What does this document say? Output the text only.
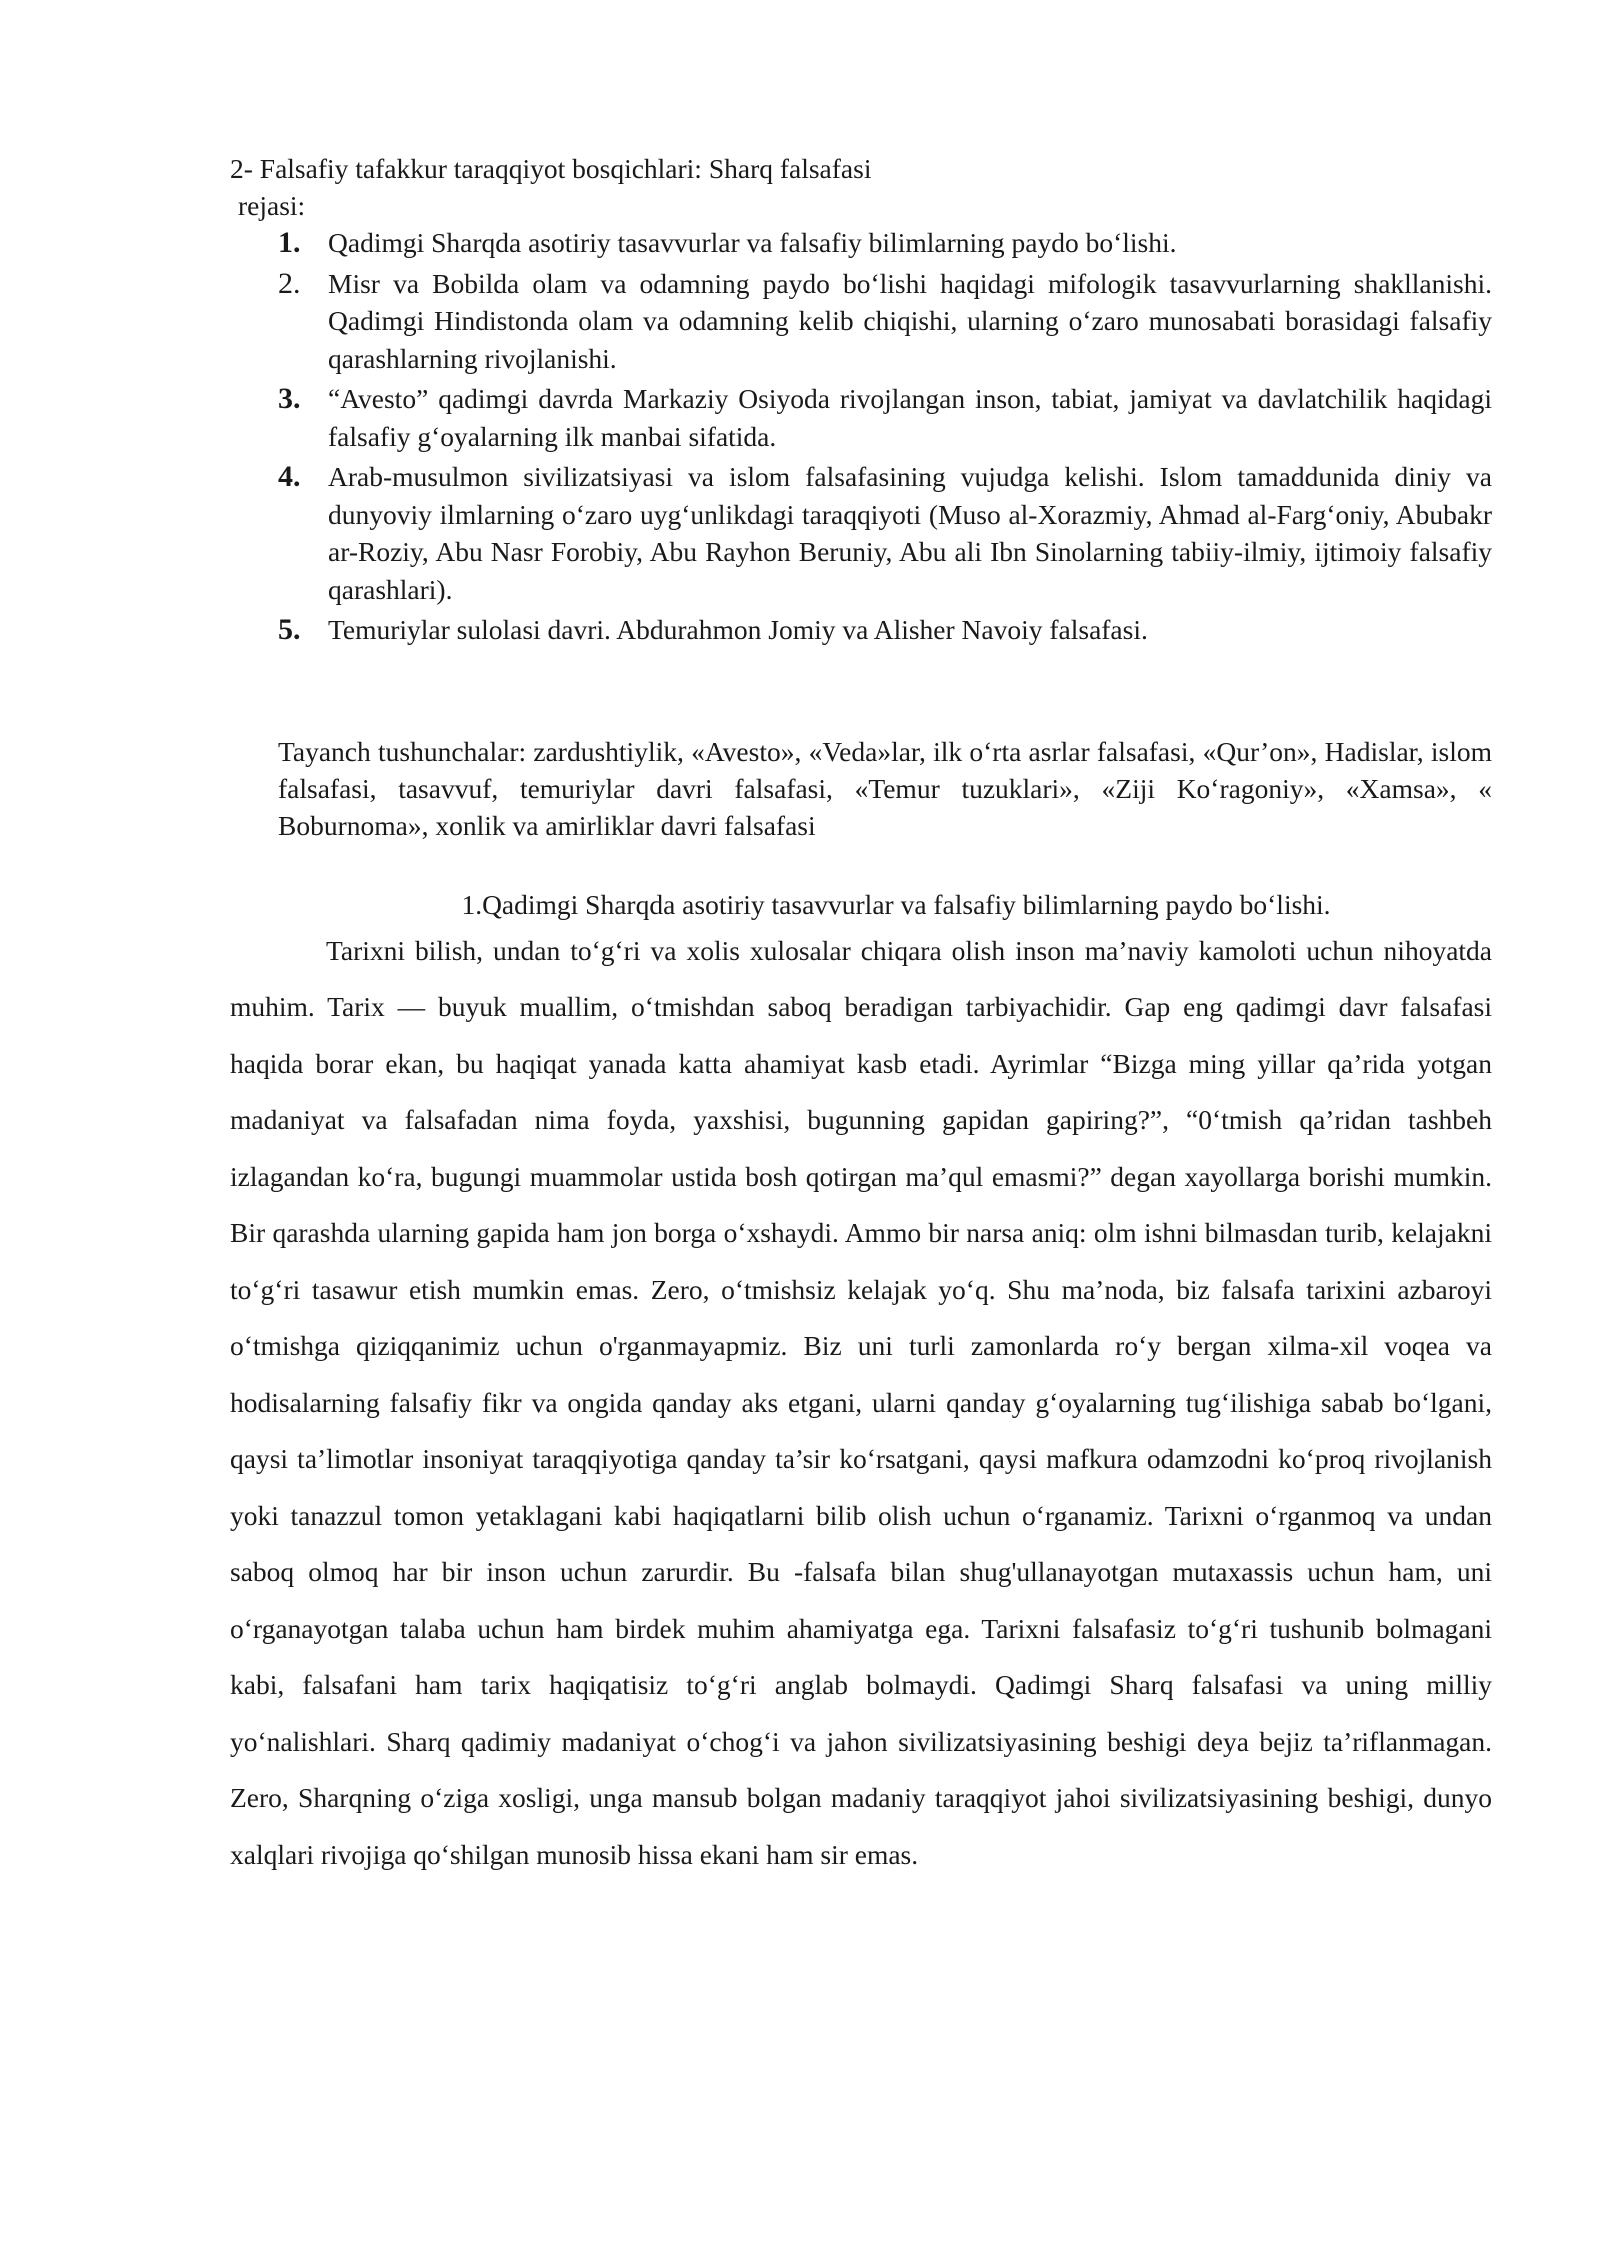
2- Falsafiy tafakkur taraqqiyot bosqichlari: Sharq falsafasi

rejasi:

1. Qadimgi Sharqda asotiriy tasavvurlar va falsafiy bilimlarning paydo bo‘lishi.
2. Misr va Bobilda olam va odamning paydo bo‘lishi haqidagi mifologik tasavvurlarning shakllanishi. Qadimgi Hindistonda olam va odamning kelib chiqishi, ularning o‘zaro munosabati borasidagi falsafiy qarashlarning rivojlanishi.
3. “Avesto” qadimgi davrda Markaziy Osiyoda rivojlangan inson, tabiat, jamiyat va davlatchilik haqidagi falsafiy g‘oyalarning ilk manbai sifatida.
4. Arab-musulmon sivilizatsiyasi va islom falsafasining vujudga kelishi. Islom tamaddunida diniy va dunyoviy ilmlarning o‘zaro uyg‘unlikdagi taraqqiyoti (Muso al-Xorazmiy, Ahmad al-Farg‘oniy, Abubakr ar-Roziy, Abu Nasr Forobiy, Abu Rayhon Beruniy, Abu ali Ibn Sinolarning tabiiy-ilmiy, ijtimoiy falsafiy qarashlari).
5. Temuriylar sulolasi davri. Abdurahmon Jomiy va Alisher Navoiy falsafasi.

Tayanch tushunchalar: zardushtiylik, «Avesto», «Veda»lar, ilk o‘rta asrlar falsafasi, «Qur’on», Hadislar, islom falsafasi, tasavvuf, temuriylar davri falsafasi, «Temur tuzuklari», «Ziji Ko‘ragoniy», «Xamsa», « Boburnoma», xonlik va amirliklar davri falsafasi

1.Qadimgi Sharqda asotiriy tasavvurlar va falsafiy bilimlarning paydo bo‘lishi.

Tarixni bilish, undan to‘g‘ri va xolis xulosalar chiqara olish inson ma’naviy kamoloti uchun nihoyatda muhim. Tarix — buyuk muallim, o‘tmishdan saboq beradigan tarbiyachidir. Gap eng qadimgi davr falsafasi haqida borar ekan, bu haqiqat yanada katta ahamiyat kasb etadi. Ayrimlar “Bizga ming yillar qa’rida yotgan madaniyat va falsafadan nima foyda, yaxshisi, bugunning gapidan gapiring?”, “0‘tmish qa’ridan tashbeh izlagandan ko‘ra, bugungi muammolar ustida bosh qotirgan ma’qul emasmi?” degan xayollarga borishi mumkin. Bir qarashda ularning gapida ham jon borga o‘xshaydi. Ammo bir narsa aniq: olm ishni bilmasdan turib, kelajakni to‘g‘ri tasawur etish mumkin emas. Zero, o‘tmishsiz kelajak yo‘q. Shu ma’noda, biz falsafa tarixini azbaroyi o‘tmishga qiziqqanimiz uchun o'rganmayapmiz. Biz uni turli zamonlarda ro‘y bergan xilma-xil voqea va hodisalarning falsafiy fikr va ongida qanday aks etgani, ularni qanday g‘oyalarning tug‘ilishiga sabab bo‘lgani, qaysi ta’limotlar insoniyat taraqqiyotiga qanday ta’sir ko‘rsatgani, qaysi mafkura odamzodni ko‘proq rivojlanish yoki tanazzul tomon yetaklagani kabi haqiqatlarni bilib olish uchun o‘rganamiz. Tarixni o‘rganmoq va undan saboq olmoq har bir inson uchun zarurdir. Bu -falsafa bilan shug'ullanayotgan mutaxassis uchun ham, uni o‘rganayotgan talaba uchun ham birdek muhim ahamiyatga ega. Tarixni falsafasiz to‘g‘ri tushunib bolmagani kabi, falsafani ham tarix haqiqatisiz to‘g‘ri anglab bolmaydi. Qadimgi Sharq falsafasi va uning milliy yo‘nalishlari. Sharq qadimiy madaniyat o‘chog‘i va jahon sivilizatsiyasining beshigi deya bejiz ta’riflanmagan. Zero, Sharqning o‘ziga xosligi, unga mansub bolgan madaniy taraqqiyot jahoi sivilizatsiyasining beshigi, dunyo xalqlari rivojiga qo‘shilgan munosib hissa ekani ham sir emas.
